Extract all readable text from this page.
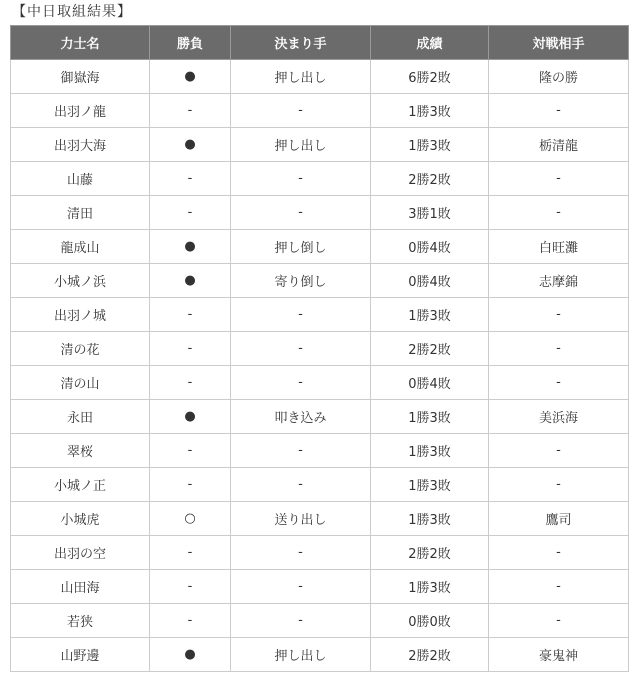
【中日取組結果】
力士名	勝負	決まり手	成績	対戦相手
御嶽海	●	押し出し	6勝2敗	隆の勝
出羽ノ龍	-	-	1勝3敗	-
出羽大海	●	押し出し	1勝3敗	栃清龍
山藤	-	-	2勝2敗	-
清田	-	-	3勝1敗	-
龍成山	●	押し倒し	0勝4敗	白旺灘
小城ノ浜	●	寄り倒し	0勝4敗	志摩錦
出羽ノ城	-	-	1勝3敗	-
清の花	-	-	2勝2敗	-
清の山	-	-	0勝4敗	-
永田	●	叩き込み	1勝3敗	美浜海
翠桜	-	-	1勝3敗	-
小城ノ正	-	-	1勝3敗	-
小城虎	○	送り出し	1勝3敗	鷹司
出羽の空	-	-	2勝2敗	-
山田海	-	-	1勝3敗	-
若狭	-	-	0勝0敗	-
山野邊	●	押し出し	2勝2敗	豪鬼神
